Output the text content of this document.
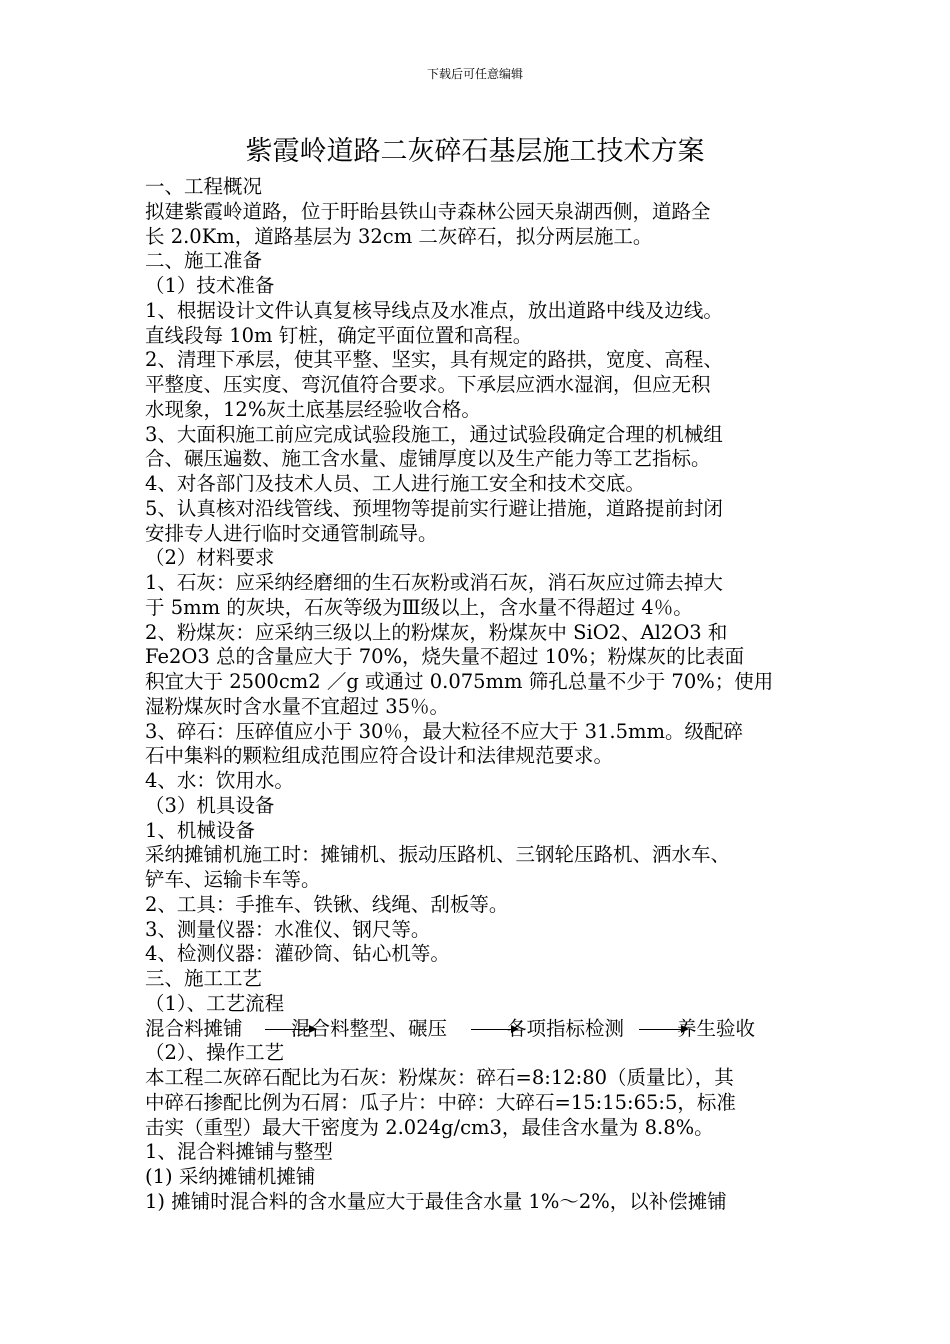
下载后可任意编辑
紫霞岭道路二灰碎石基层施工技术方案
一、工程概况
拟建紫霞岭道路，位于盱眙县铁山寺森林公园天泉湖西侧，道路全
长 2.0Km，道路基层为 32cm 二灰碎石，拟分两层施工。
二、施工准备
（1）技术准备
1、根据设计文件认真复核导线点及水准点，放出道路中线及边线。
直线段每 10m 钉桩，确定平面位置和高程。
2、清理下承层，使其平整、坚实，具有规定的路拱，宽度、高程、
平整度、压实度、弯沉值符合要求。下承层应洒水湿润，但应无积
水现象，12%灰土底基层经验收合格。
3、大面积施工前应完成试验段施工，通过试验段确定合理的机械组
合、碾压遍数、施工含水量、虚铺厚度以及生产能力等工艺指标。
4、对各部门及技术人员、工人进行施工安全和技术交底。
5、认真核对沿线管线、预埋物等提前实行避让措施，道路提前封闭
安排专人进行临时交通管制疏导。
（2）材料要求
1、石灰：应采纳经磨细的生石灰粉或消石灰，消石灰应过筛去掉大
于 5mm 的灰块，石灰等级为Ⅲ级以上，含水量不得超过 4％。
2、粉煤灰：应采纳三级以上的粉煤灰，粉煤灰中 SiO2、Al2O3 和
Fe2O3 总的含量应大于 70%，烧失量不超过 10%；粉煤灰的比表面
积宜大于 2500cm2 ／g 或通过 0.075mm 筛孔总量不少于 70%；使用
湿粉煤灰时含水量不宜超过 35％。
3、碎石：压碎值应小于 30％，最大粒径不应大于 31.5mm。级配碎
石中集料的颗粒组成范围应符合设计和法律规范要求。
4、水：饮用水。
（3）机具设备
1、机械设备
采纳摊铺机施工时：摊铺机、振动压路机、三钢轮压路机、洒水车、
铲车、运输卡车等。
2、工具：手推车、铁锹、线绳、刮板等。
3、测量仪器：水准仪、钢尺等。
4、检测仪器：灌砂筒、钻心机等。
三、施工工艺
（1）、工艺流程
混合料摊铺 混合料整型、碾压	各项指标检测	养生验收
（2）、操作工艺
本工程二灰碎石配比为石灰：粉煤灰：碎石=8:12:80（质量比），其
中碎石掺配比例为石屑：瓜子片：中碎：大碎石=15:15:65:5，标准
击实（重型）最大干密度为 2.024g/cm3，最佳含水量为 8.8%。
1、混合料摊铺与整型
(1) 采纳摊铺机摊铺
1) 摊铺时混合料的含水量应大于最佳含水量 1%～2%，以补偿摊铺
